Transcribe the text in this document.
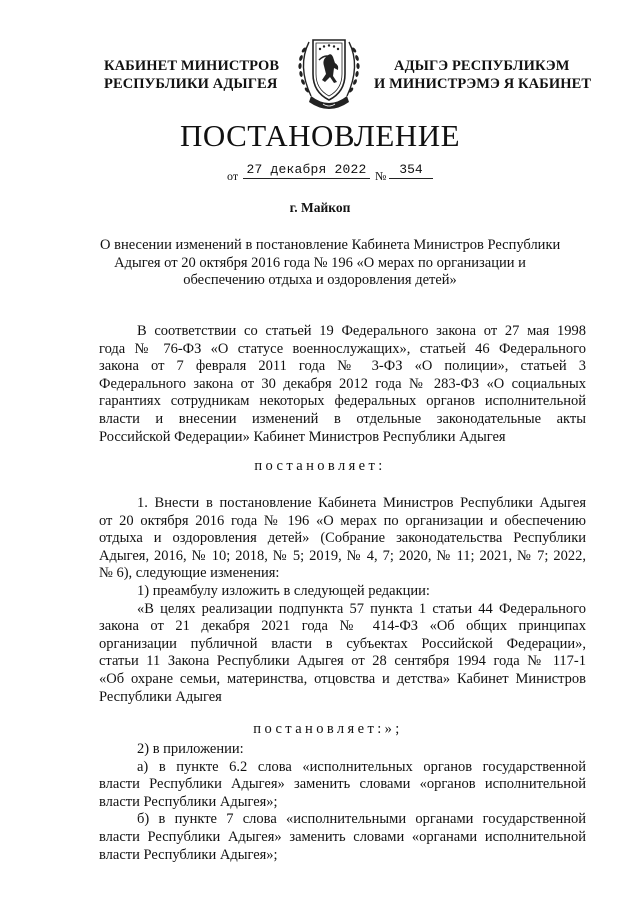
КАБИНЕТ МИНИСТРОВ
РЕСПУБЛИКИ АДЫГЕЯ
АДЫГЭ РЕСПУБЛИКЭМ
И МИНИСТРЭМЭ Я КАБИНЕТ
ПОСТАНОВЛЕНИЕ
от 27 декабря 2022 № 354
г. Майкоп
О внесении изменений в постановление Кабинета Министров Республики
Адыгея от 20 октября 2016 года № 196 «О мерах по организации и
обеспечению отдыха и оздоровления детей»
В соответствии со статьей 19 Федерального закона от 27 мая 1998
года № 76-ФЗ «О статусе военнослужащих», статьей 46 Федерального
закона от 7 февраля 2011 года № 3-ФЗ «О полиции», статьей 3
Федерального закона от 30 декабря 2012 года № 283-ФЗ «О социальных
гарантиях сотрудникам некоторых федеральных органов исполнительной
власти и внесении изменений в отдельные законодательные акты
Российской Федерации» Кабинет Министров Республики Адыгея
постановляет:
1. Внести в постановление Кабинета Министров Республики Адыгея
от 20 октября 2016 года № 196 «О мерах по организации и обеспечению
отдыха и оздоровления детей» (Собрание законодательства Республики
Адыгея, 2016, № 10; 2018, № 5; 2019, № 4, 7; 2020, № 11; 2021, № 7; 2022,
№ 6), следующие изменения:
1) преамбулу изложить в следующей редакции:
«В целях реализации подпункта 57 пункта 1 статьи 44 Федерального
закона от 21 декабря 2021 года № 414-ФЗ «Об общих принципах
организации публичной власти в субъектах Российской Федерации»,
статьи 11 Закона Республики Адыгея от 28 сентября 1994 года № 117-1
«Об охране семьи, материнства, отцовства и детства» Кабинет Министров
Республики Адыгея
постановляет:»;
2) в приложении:
а) в пункте 6.2 слова «исполнительных органов государственной
власти Республики Адыгея» заменить словами «органов исполнительной
власти Республики Адыгея»;
б) в пункте 7 слова «исполнительными органами государственной
власти Республики Адыгея» заменить словами «органами исполнительной
власти Республики Адыгея»;
